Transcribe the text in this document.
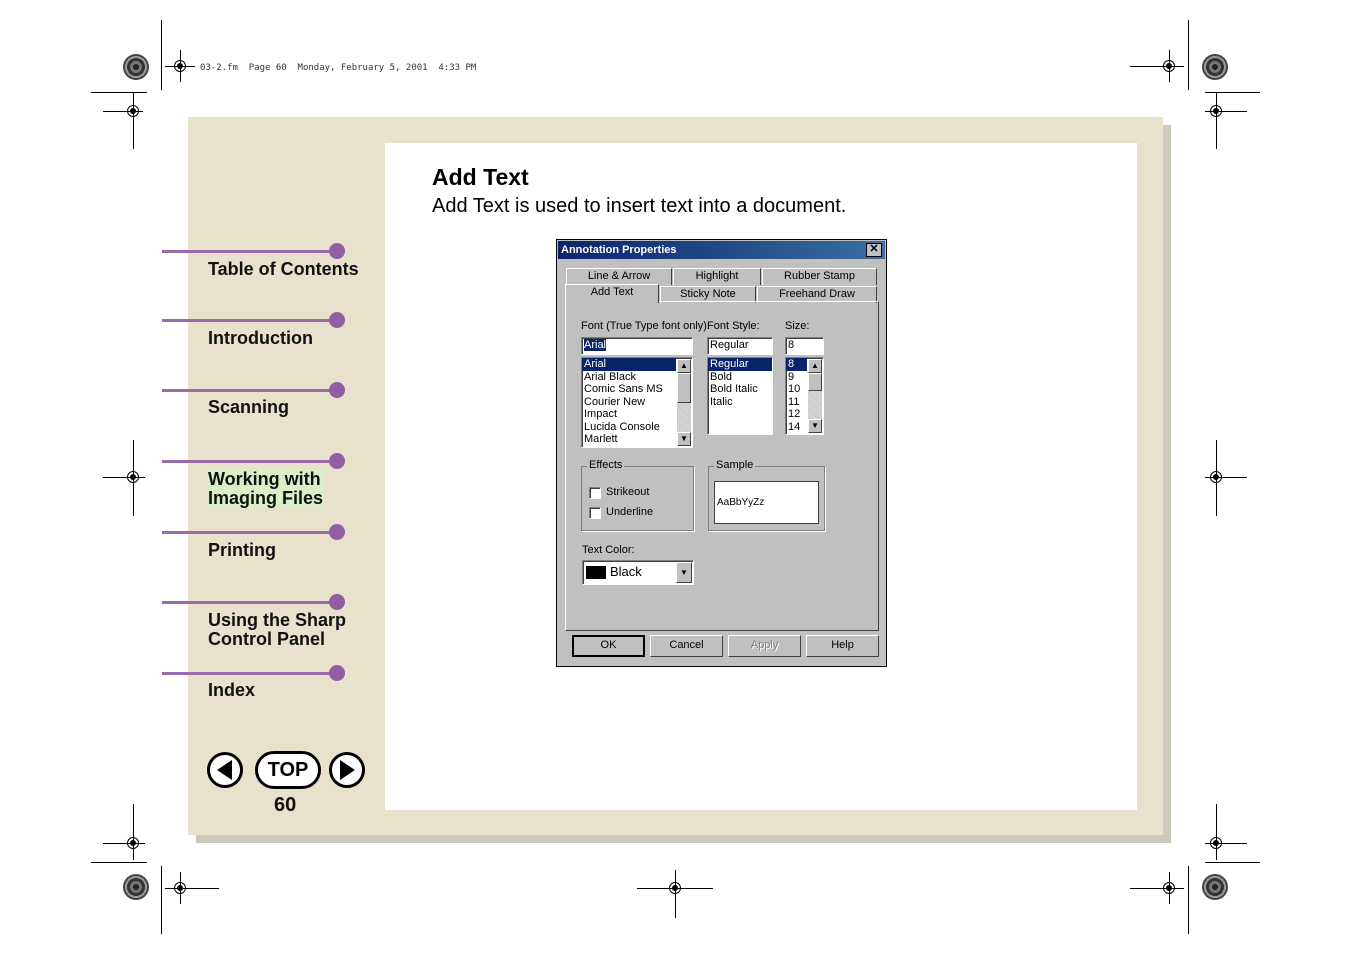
03-2.fm  Page 60  Monday, February 5, 2001  4:33 PM
Add Text
Add Text is used to insert text into a document.
Table of Contents
Introduction
Scanning
Working with
Imaging Files
Printing
Using the Sharp
Control Panel
Index
TOP
60
Annotation Properties	✕
Line & Arrow	Highlight	Rubber Stamp
Add Text	Sticky Note	Freehand Draw
Font (True Type font only):
Arial
Arial
Arial Black
Comic Sans MS
Courier New
Impact
Lucida Console
Marlett
▲
▼
Font Style:
Regular
Regular
Bold
Bold Italic
Italic
Size:
8
8
9
10
11
12
14
▲
▼
Effects
Strikeout
Underline
Sample
AaBbYyZz
Text Color:
Black	▼
OK	Cancel	Apply	Help
